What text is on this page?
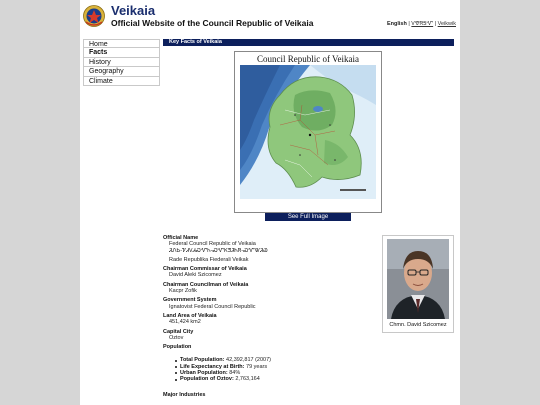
Veikaia
Official Website of the Council Republic of Veikaia	English | ᏙᏡᏒᎦᏉ | Veikwik
Home
Facts
History
Geography
Climate
Key Facts of Veikaia
Council Republic of Veikaia
See Full Image
Official Name
Federal Council Republic of Veikaia
ᏘᏁᏏ-ᏤᏗᏙᏗᏍᏉᏂ-ᏍᏉᏦᏕᏘᏂᏒ-ᏍᏉᏔᏘᏊ
Rade Republika Fiederali Veikak
Chairman Commissar of Veikaia
David Aleki Szicomez
Chairman Councilman of Veikaia
Kacpr Zofik
Government System
Ignatovist Federal Council Republic
Land Area of Veikaia
451,424 km2
Capital City
Oztov
Population
Total Population: 42,392,817 (2007)
Life Expectancy at Birth: 79 years
Urban Population: 84%
Population of Oztov: 2,763,164
Major Industries
Chmn. David Szicomez
